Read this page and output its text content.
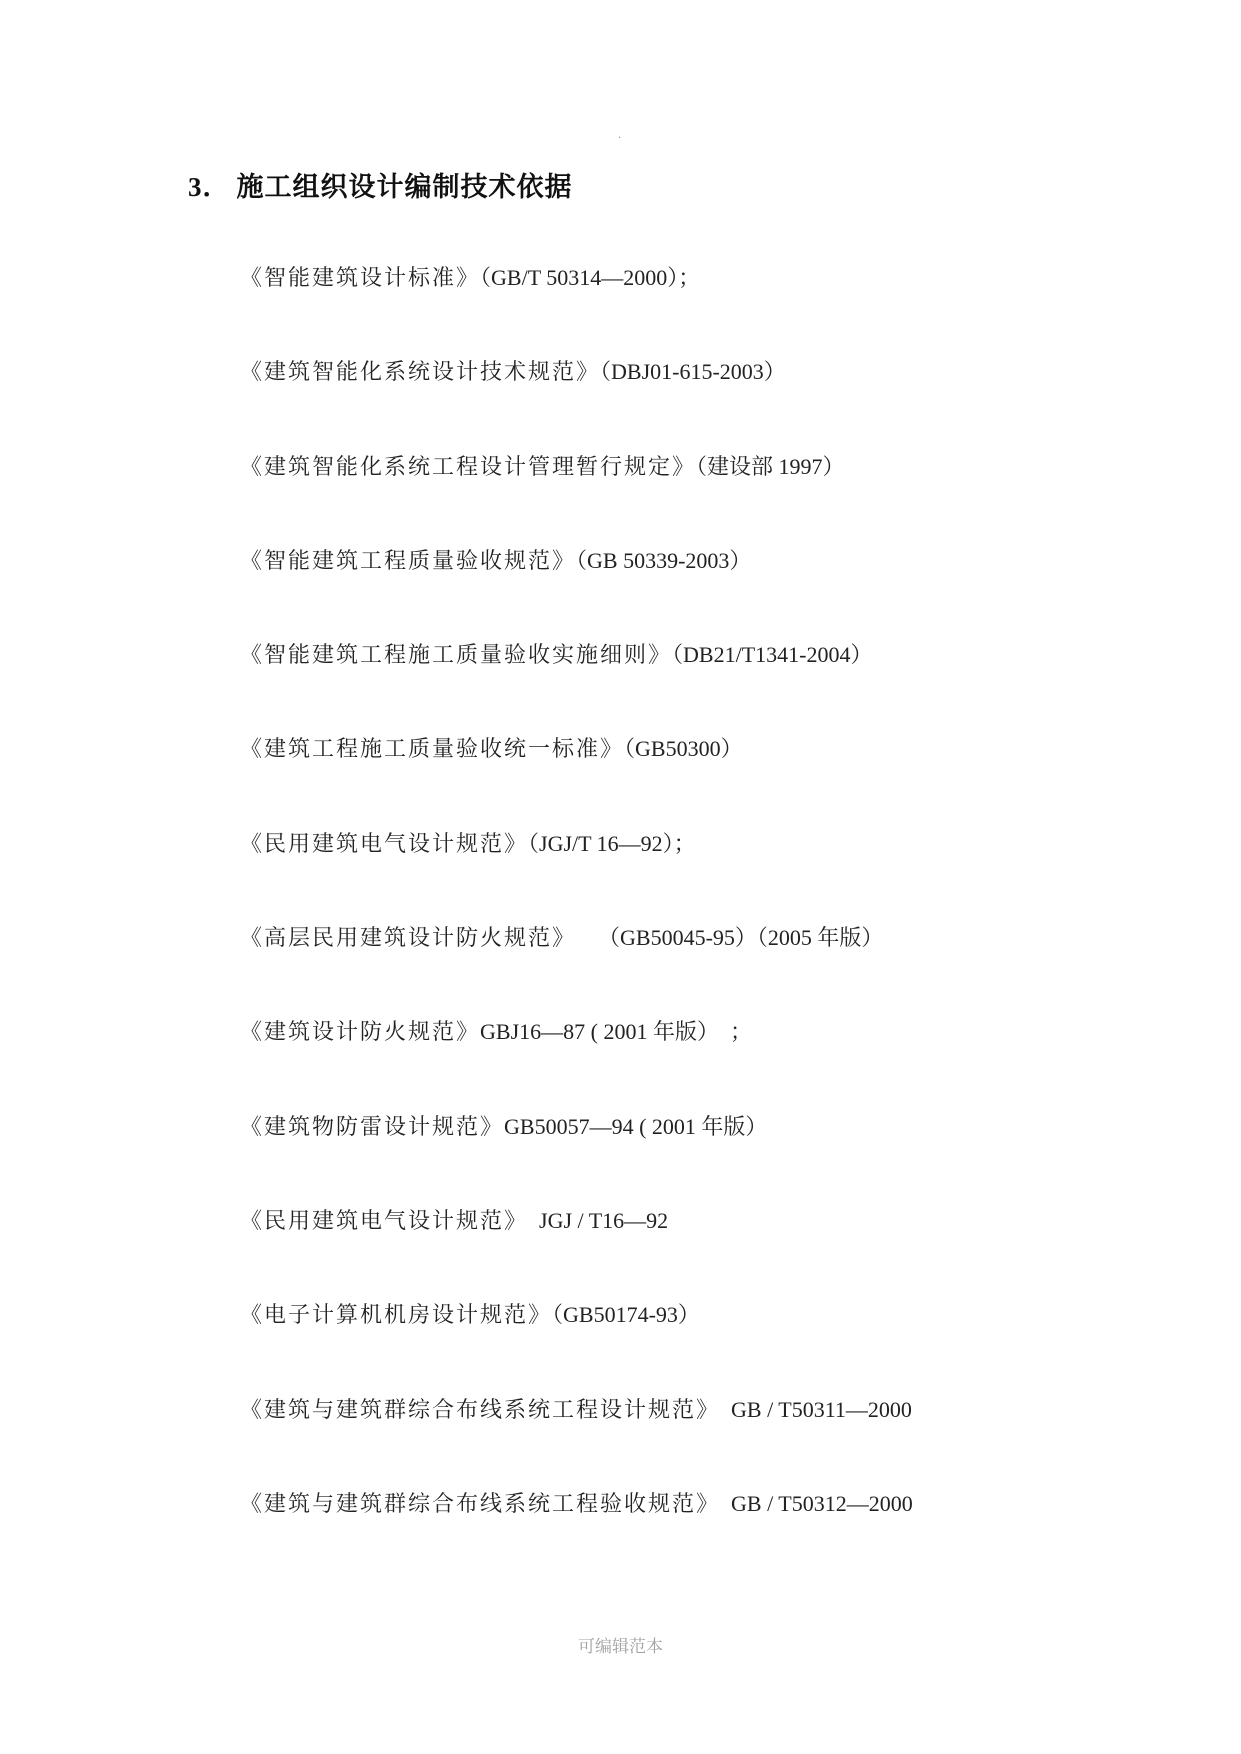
.
3． 施工组织设计编制技术依据
《智能建筑设计标准》（GB/T 50314—2000）；
《建筑智能化系统设计技术规范》（DBJ01-615-2003）
《建筑智能化系统工程设计管理暂行规定》（建设部 1997）
《智能建筑工程质量验收规范》（GB 50339-2003）
《智能建筑工程施工质量验收实施细则》（DB21/T1341-2004）
《建筑工程施工质量验收统一标准》（GB50300）
《民用建筑电气设计规范》（JGJ/T 16—92）；
《高层民用建筑设计防火规范》　　（GB50045-95）（2005 年版）
《建筑设计防火规范》GBJ16—87 ( 2001 年版）　；
《建筑物防雷设计规范》GB50057—94 ( 2001 年版）
《民用建筑电气设计规范》　JGJ / T16—92
《电子计算机机房设计规范》（GB50174-93）
《建筑与建筑群综合布线系统工程设计规范》　GB / T50311—2000
《建筑与建筑群综合布线系统工程验收规范》　GB / T50312—2000
可编辑范本
